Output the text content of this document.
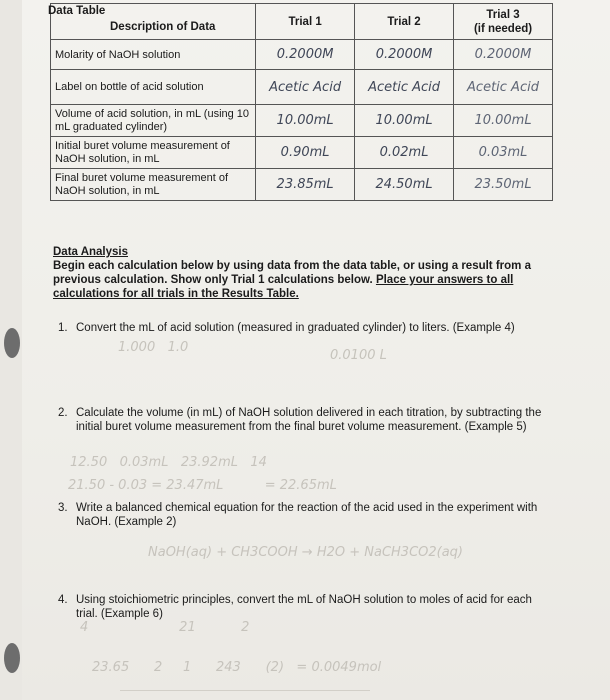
1.000   1.0
0.0100 L
12.50   0.03mL   23.92mL   14
21.50 - 0.03 = 23.47mL          = 22.65mL
NaOH(aq) + CH3COOH → H2O + NaCH3CO2(aq)
4                      21           2
23.65      2     1      243      (2)   = 0.0049mol
Data Table
Description of Data	Trial 1	Trial 2	Trial 3
(if needed)
Molarity of NaOH solution	0.2000M	0.2000M	0.2000M
Label on bottle of acid solution	Acetic Acid	Acetic Acid	Acetic Acid
Volume of acid solution, in mL (using 10 mL graduated cylinder)	10.00mL	10.00mL	10.00mL
Initial buret volume measurement of NaOH solution, in mL	0.90mL	0.02mL	0.03mL
Final buret volume measurement of NaOH solution, in mL	23.85mL	24.50mL	23.50mL
Data Analysis
Begin each calculation below by using data from the data table, or using a result from a previous calculation. Show only Trial 1 calculations below. Place your answers to all calculations for all trials in the Results Table.
1. Convert the mL of acid solution (measured in graduated cylinder) to liters. (Example 4)
2. Calculate the volume (in mL) of NaOH solution delivered in each titration, by subtracting the initial buret volume measurement from the final buret volume measurement. (Example 5)
3. Write a balanced chemical equation for the reaction of the acid used in the experiment with NaOH. (Example 2)
4. Using stoichiometric principles, convert the mL of NaOH solution to moles of acid for each trial. (Example 6)
